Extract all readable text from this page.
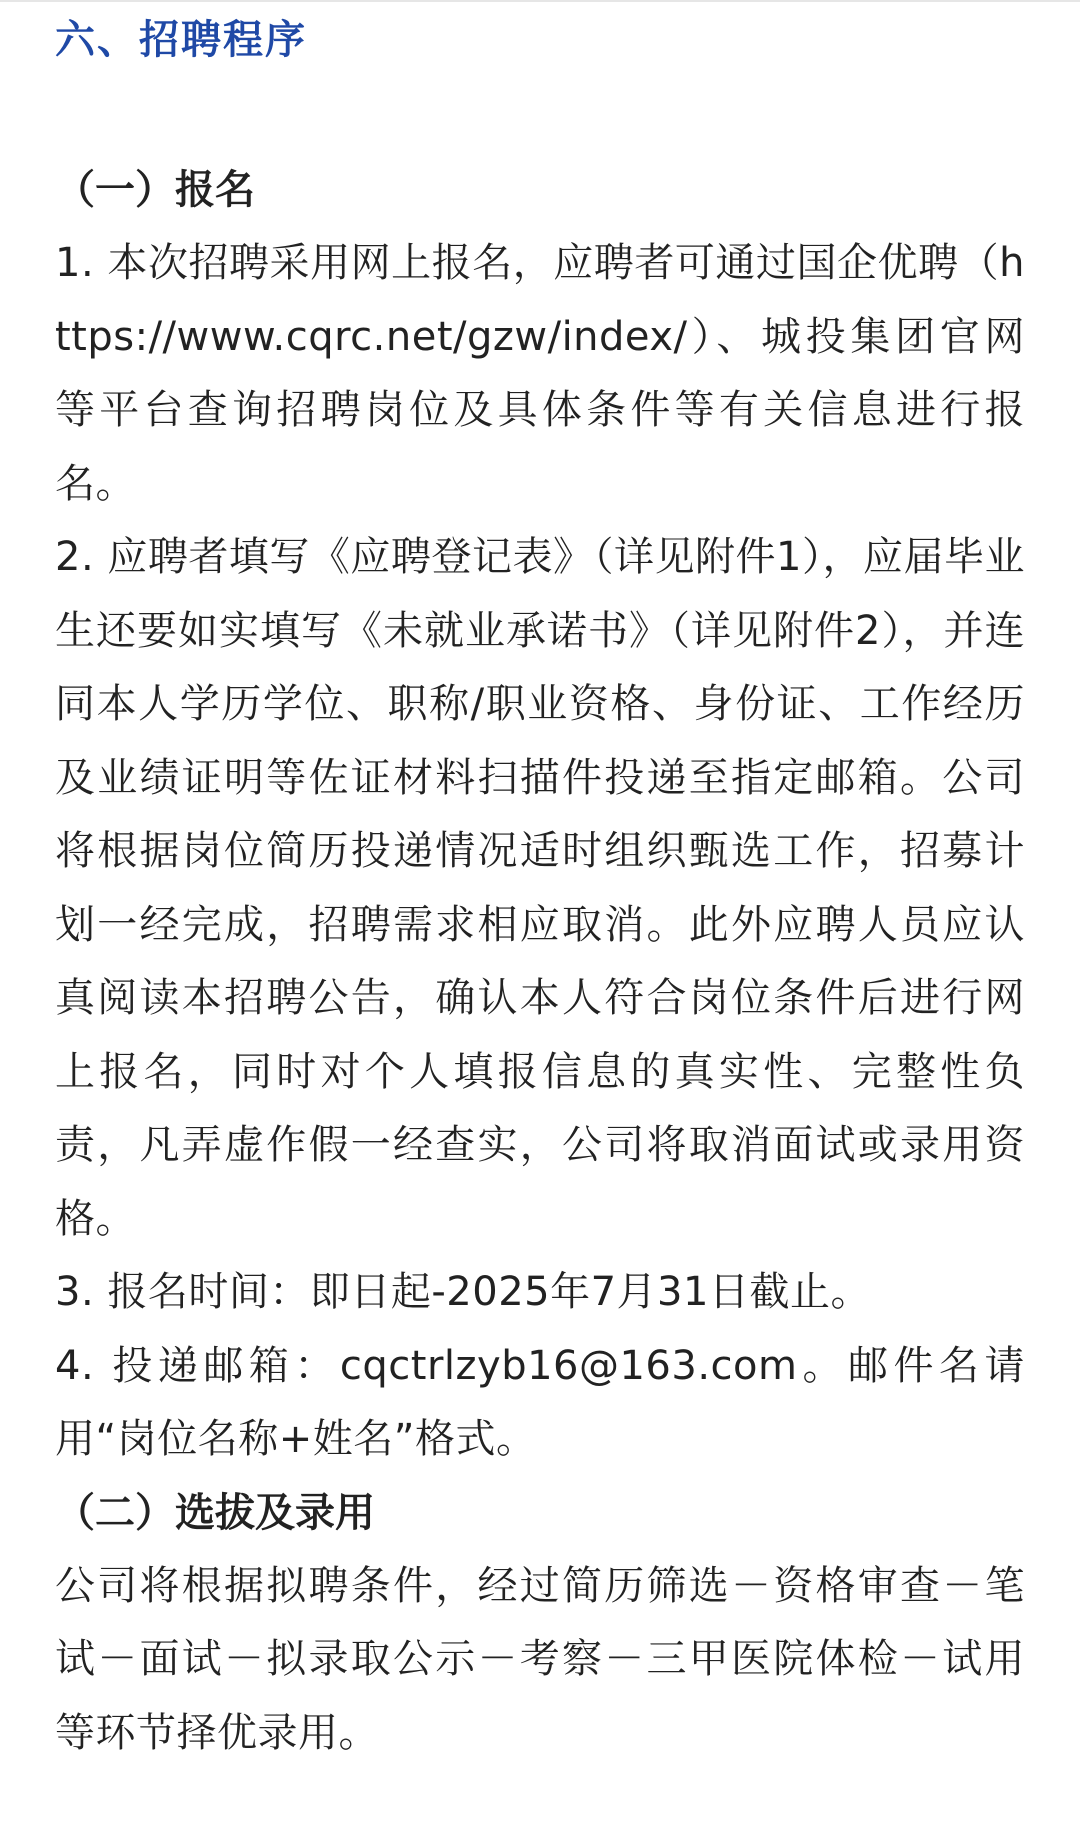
六、招聘程序
（一）报名

1. 本次招聘采用网上报名，应聘者可通过国企优聘（https://www.cqrc.net/gzw/index/）、城投集团官网等平台查询招聘岗位及具体条件等有关信息进行报名。

2. 应聘者填写《应聘登记表》（详见附件1），应届毕业生还要如实填写《未就业承诺书》（详见附件2），并连同本人学历学位、职称/职业资格、身份证、工作经历及业绩证明等佐证材料扫描件投递至指定邮箱。公司将根据岗位简历投递情况适时组织甄选工作，招募计划一经完成，招聘需求相应取消。此外应聘人员应认真阅读本招聘公告，确认本人符合岗位条件后进行网上报名，同时对个人填报信息的真实性、完整性负责，凡弄虚作假一经查实，公司将取消面试或录用资格。

3. 报名时间：即日起-2025年7月31日截止。

4. 投递邮箱：cqctrlzyb16@163.com。邮件名请用“岗位名称+姓名”格式。

（二）选拔及录用

公司将根据拟聘条件，经过简历筛选－资格审查－笔试－面试－拟录取公示－考察－三甲医院体检－试用等环节择优录用。
